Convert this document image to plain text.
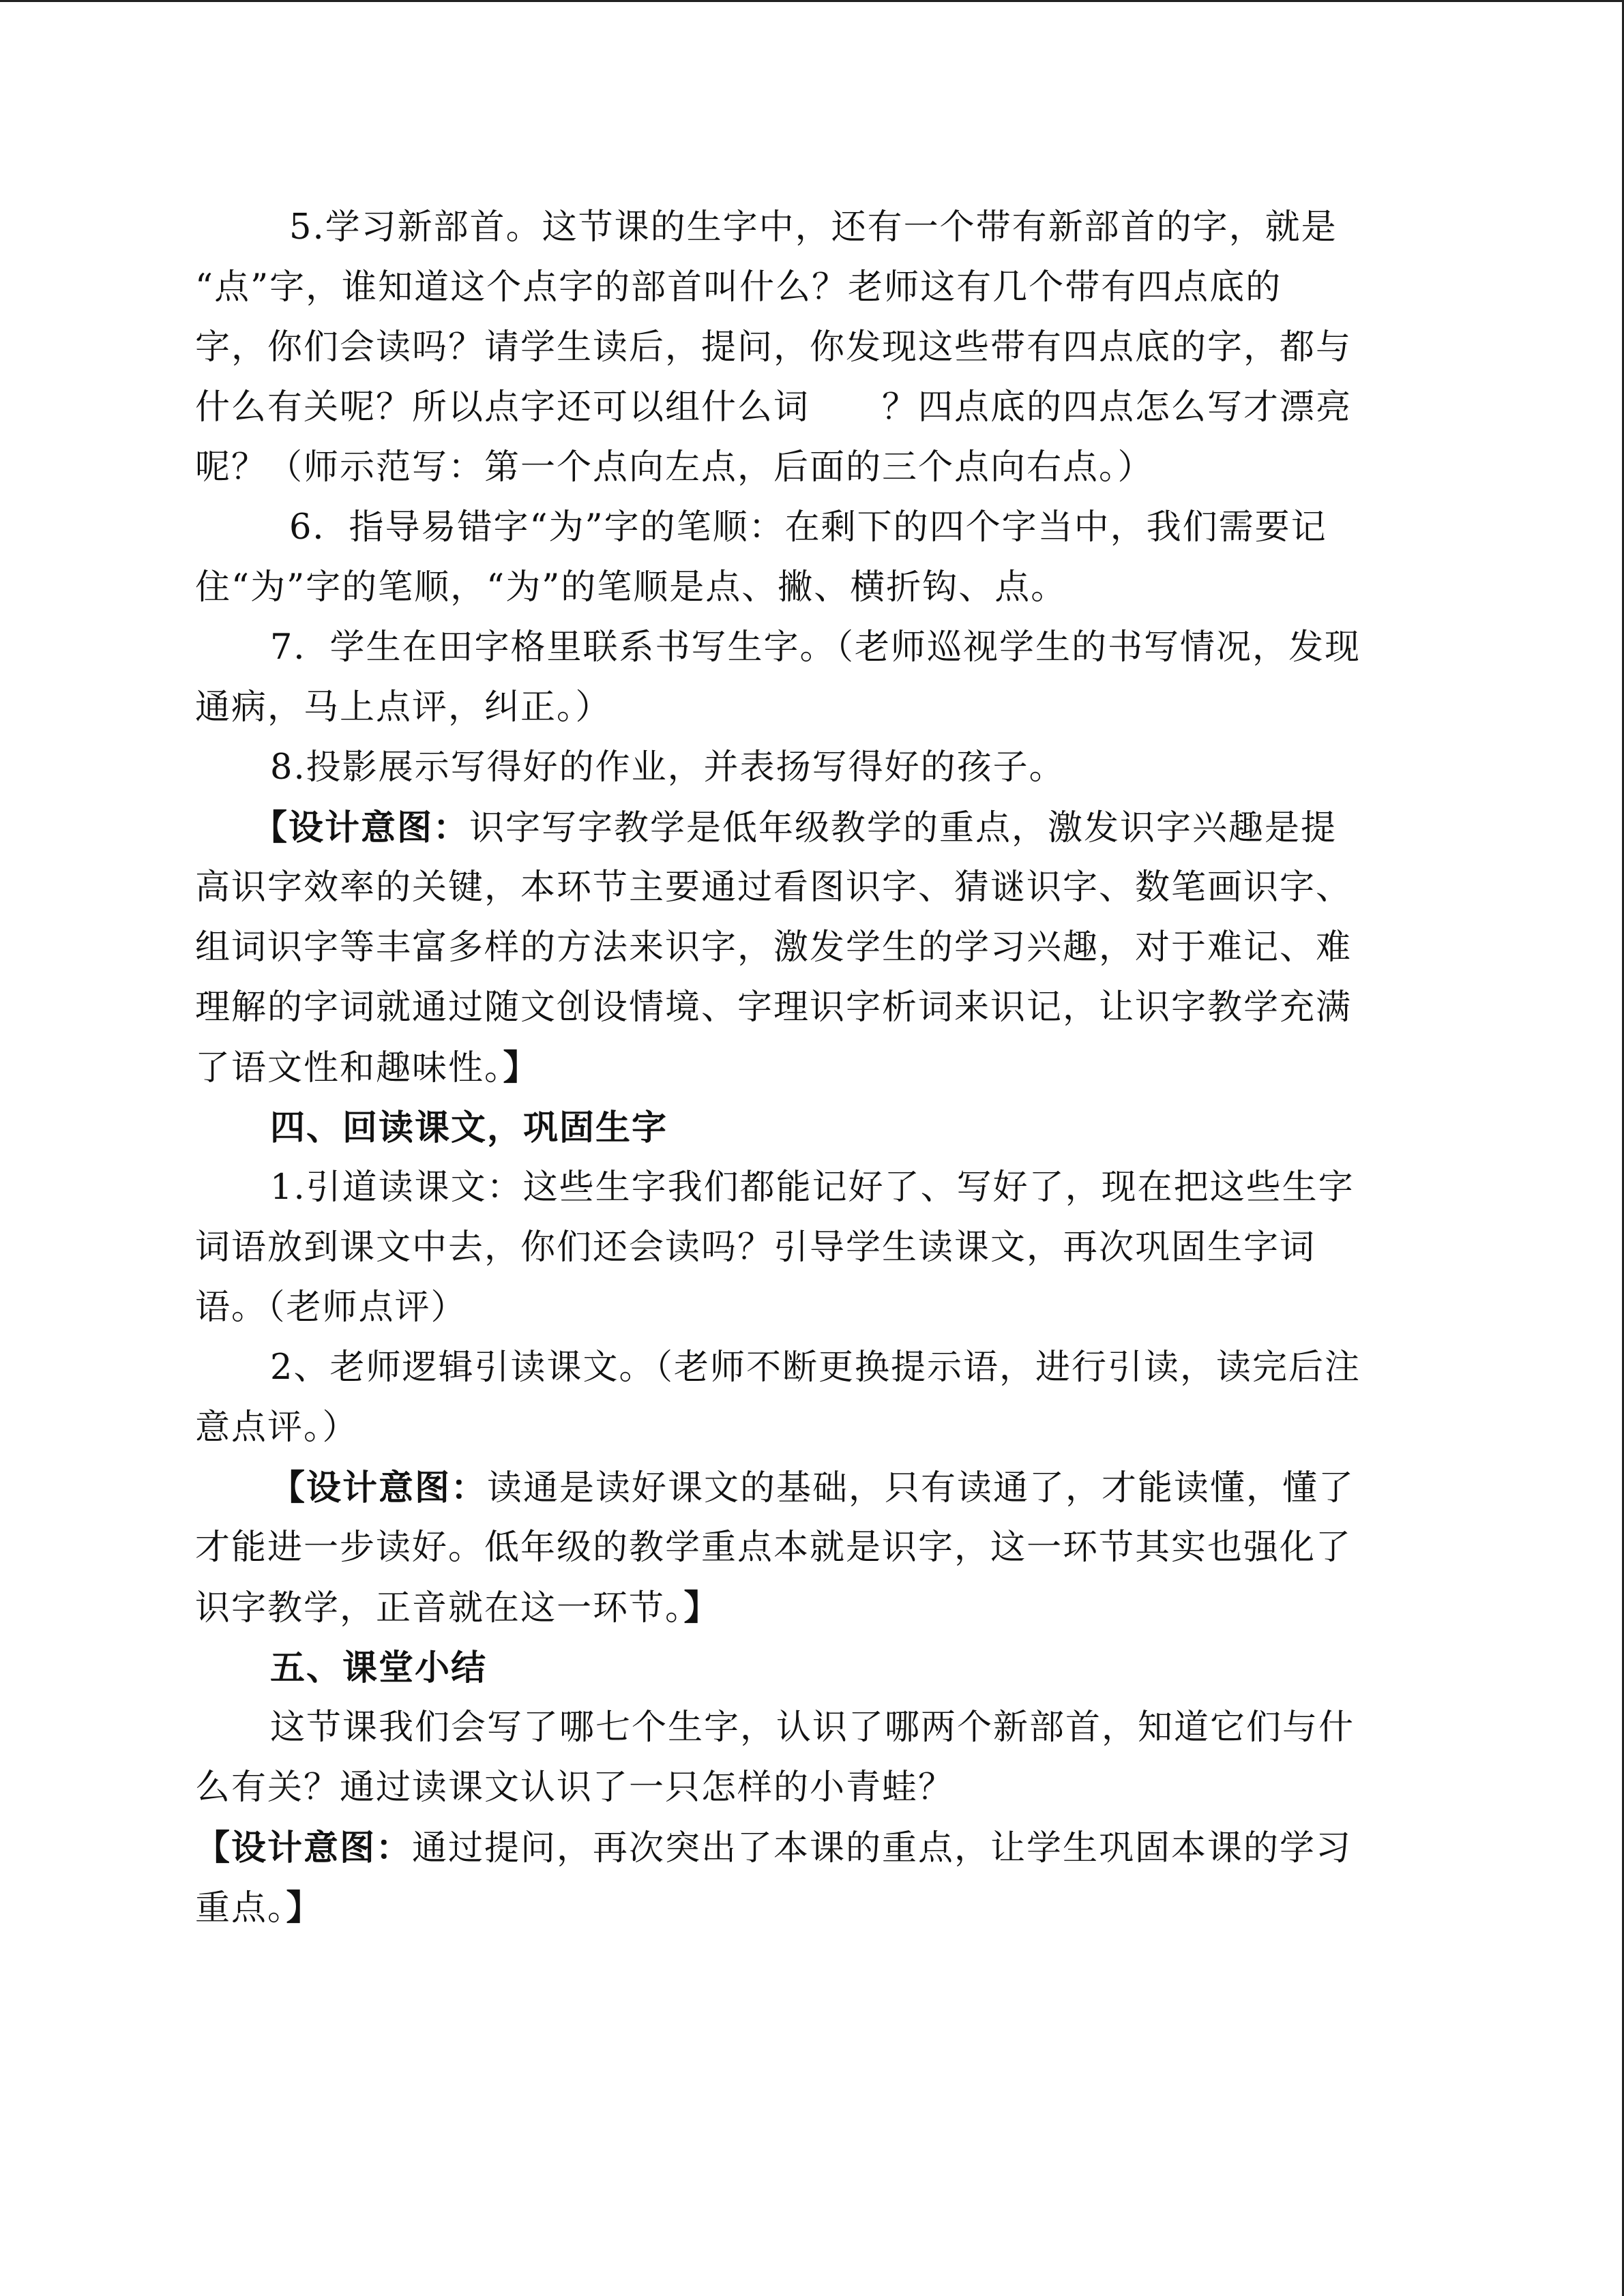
5.学习新部首。这节课的生字中，还有一个带有新部首的字，就是
“点”字，谁知道这个点字的部首叫什么？老师这有几个带有四点底的
字，你们会读吗？请学生读后，提问，你发现这些带有四点底的字，都与
什么有关呢？所以点字还可以组什么词　　？四点底的四点怎么写才漂亮
呢？（师示范写：第一个点向左点，后面的三个点向右点。）
6．指导易错字“为”字的笔顺：在剩下的四个字当中，我们需要记
住“为”字的笔顺，“为”的笔顺是点、撇、横折钩、点。
7．学生在田字格里联系书写生字。（老师巡视学生的书写情况，发现
通病，马上点评，纠正。）
8.投影展示写得好的作业，并表扬写得好的孩子。
【设计意图：识字写字教学是低年级教学的重点，激发识字兴趣是提
高识字效率的关键，本环节主要通过看图识字、猜谜识字、数笔画识字、
组词识字等丰富多样的方法来识字，激发学生的学习兴趣，对于难记、难
理解的字词就通过随文创设情境、字理识字析词来识记，让识字教学充满
了语文性和趣味性。】
四、回读课文，巩固生字
1.引道读课文：这些生字我们都能记好了、写好了，现在把这些生字
词语放到课文中去，你们还会读吗？引导学生读课文，再次巩固生字词
语。（老师点评）
2、老师逻辑引读课文。（老师不断更换提示语，进行引读，读完后注
意点评。）
【设计意图：读通是读好课文的基础，只有读通了，才能读懂，懂了
才能进一步读好。低年级的教学重点本就是识字，这一环节其实也强化了
识字教学，正音就在这一环节。】
五、课堂小结
这节课我们会写了哪七个生字，认识了哪两个新部首，知道它们与什
么有关？通过读课文认识了一只怎样的小青蛙？
【设计意图：通过提问，再次突出了本课的重点，让学生巩固本课的学习
重点。】
